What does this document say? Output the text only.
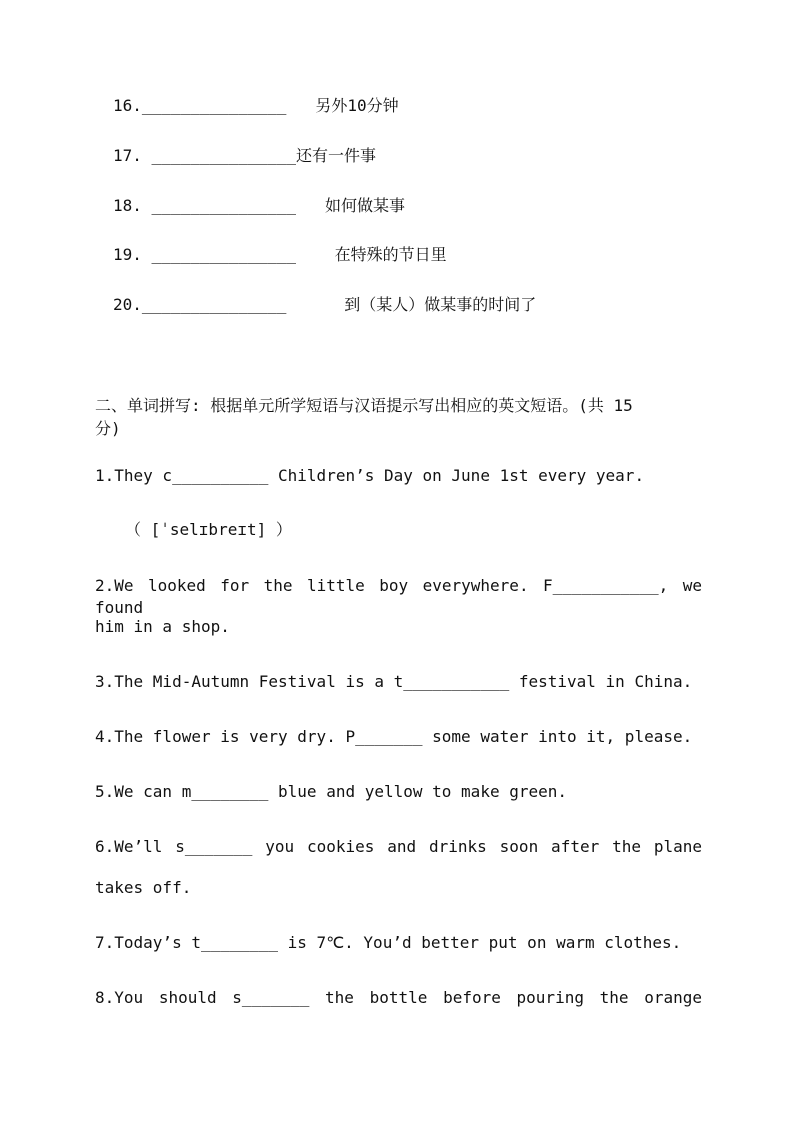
16._______________ 另外10分钟
17. _______________还有一件事
18. _______________ 如何做某事
19. _______________ 在特殊的节日里
20._______________	到（某人）做某事的时间了
二、单词拼写: 根据单元所学短语与汉语提示写出相应的英文短语。(共 15
分)
1.They c__________ Children’s Day on June 1st every year.
（ [ˈselɪbreɪt] ）
2.We looked for the little boy everywhere. F___________, we found
him in a shop.
3.The Mid-Autumn Festival is a t___________ festival in China.
4.The flower is very dry. P_______ some water into it, please.
5.We can m________ blue and yellow to make green.
6.We’ll s_______ you cookies and drinks soon after the plane
takes off.
7.Today’s t________ is 7℃. You’d better put on warm clothes.
8.You should s_______ the bottle before pouring the orange
